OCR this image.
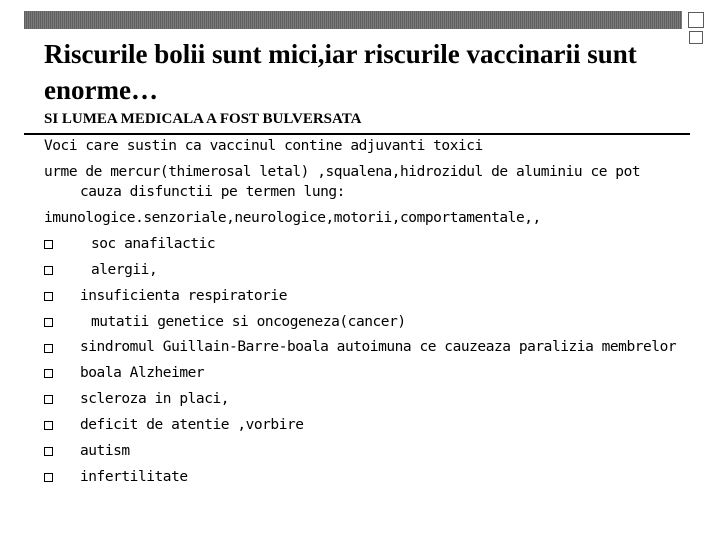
Riscurile bolii sunt mici,iar riscurile vaccinarii sunt enorme…
SI LUMEA MEDICALA A FOST BULVERSATA

Voci care sustin ca vaccinul contine adjuvanti toxici

urme de mercur(thimerosal letal) ,squalena,hidrozidul de aluminiu ce pot cauza disfunctii pe termen lung:

imunologice.senzoriale,neurologice,motorii,comportamentale,,

soc anafilactic
alergii,
insuficienta respiratorie
mutatii genetice si oncogeneza(cancer)
sindromul Guillain-Barre-boala autoimuna ce cauzeaza paralizia membrelor
boala Alzheimer
scleroza in placi,
deficit de atentie ,vorbire
autism
infertilitate
